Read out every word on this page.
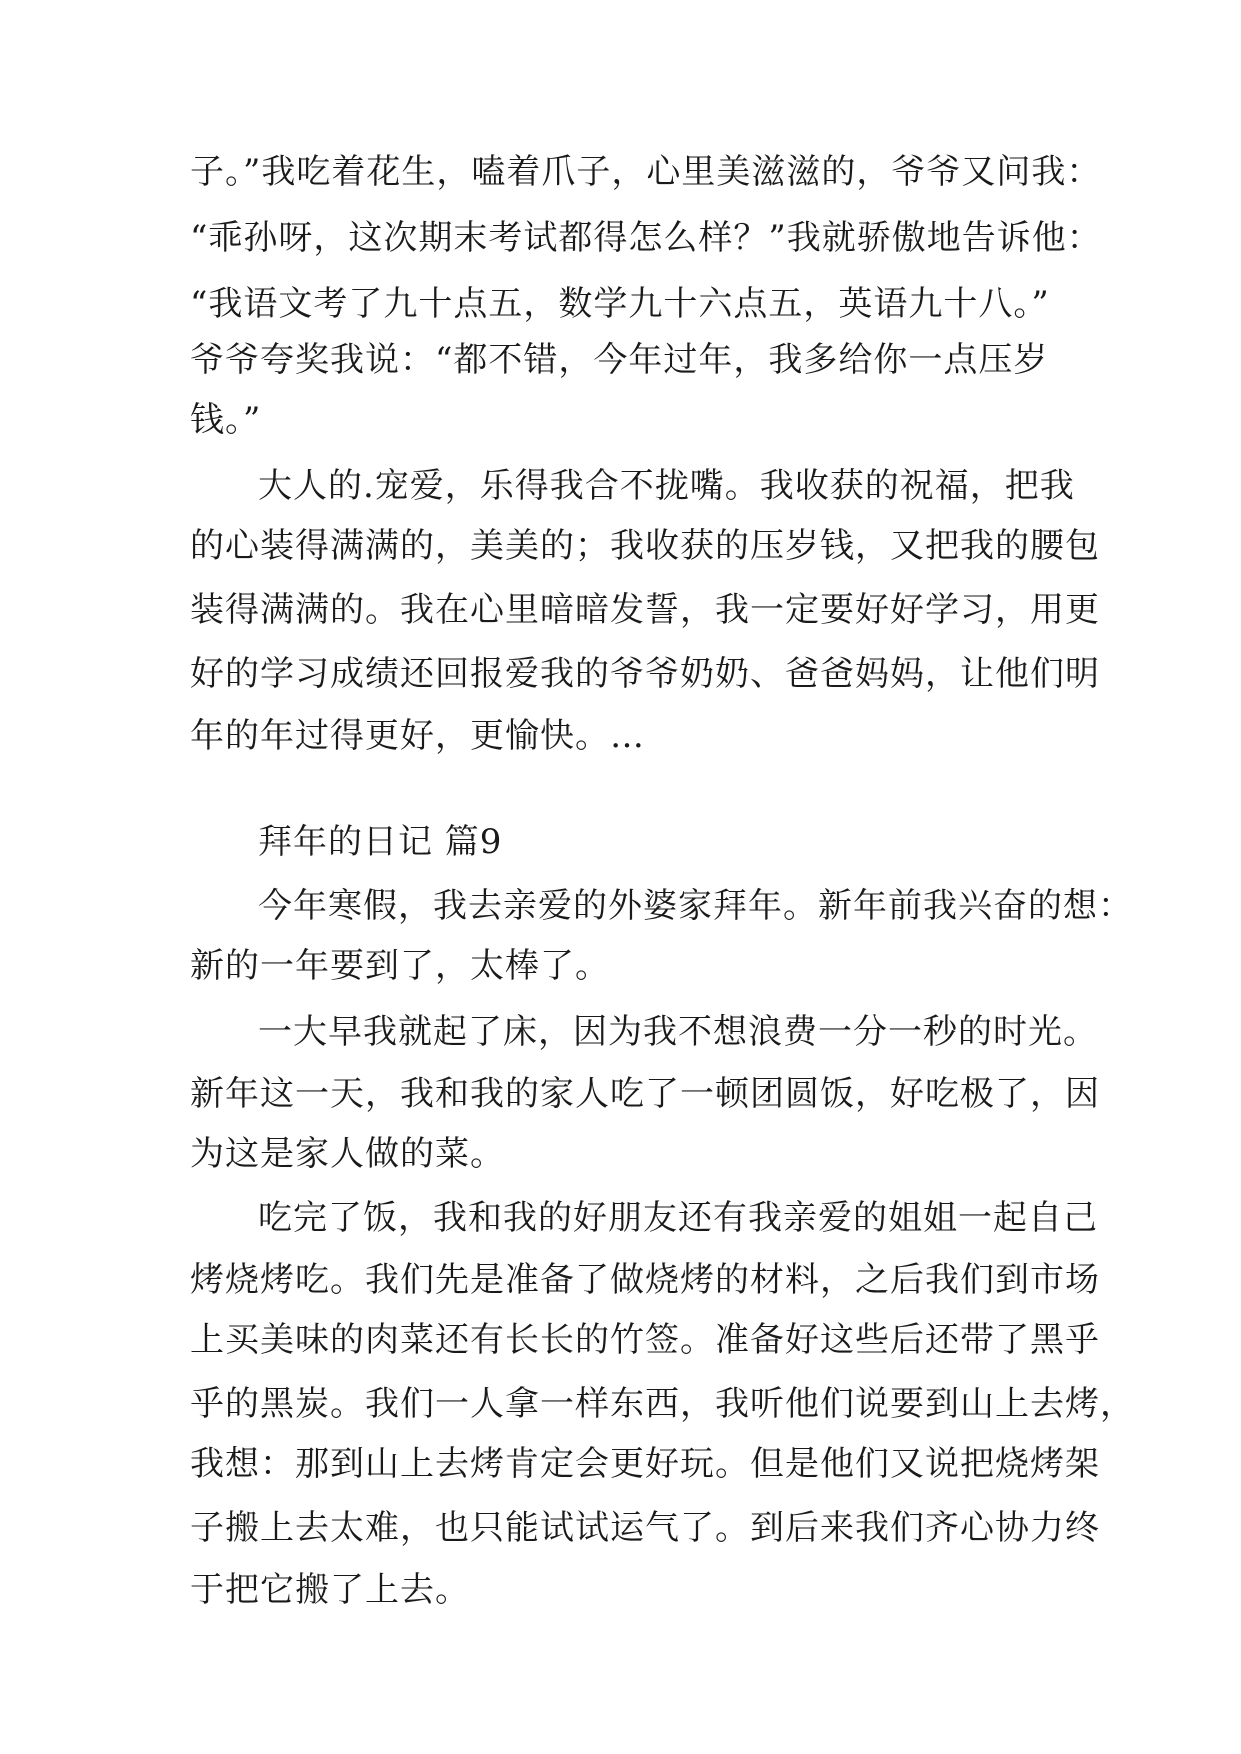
子。”我吃着花生，嗑着爪子，心里美滋滋的，爷爷又问我：
“乖孙呀，这次期末考试都得怎么样？”我就骄傲地告诉他：
“我语文考了九十点五，数学九十六点五，英语九十八。”
爷爷夸奖我说：“都不错，今年过年，我多给你一点压岁
钱。”
大人的.宠爱，乐得我合不拢嘴。我收获的祝福，把我
的心装得满满的，美美的；我收获的压岁钱，又把我的腰包
装得满满的。我在心里暗暗发誓，我一定要好好学习，用更
好的学习成绩还回报爱我的爷爷奶奶、爸爸妈妈，让他们明
年的年过得更好，更愉快。…
拜年的日记 篇9
今年寒假，我去亲爱的外婆家拜年。新年前我兴奋的想：
新的一年要到了，太棒了。
一大早我就起了床，因为我不想浪费一分一秒的时光。
新年这一天，我和我的家人吃了一顿团圆饭，好吃极了，因
为这是家人做的菜。
吃完了饭，我和我的好朋友还有我亲爱的姐姐一起自己
烤烧烤吃。我们先是准备了做烧烤的材料，之后我们到市场
上买美味的肉菜还有长长的竹签。准备好这些后还带了黑乎
乎的黑炭。我们一人拿一样东西，我听他们说要到山上去烤，
我想：那到山上去烤肯定会更好玩。但是他们又说把烧烤架
子搬上去太难，也只能试试运气了。到后来我们齐心协力终
于把它搬了上去。
